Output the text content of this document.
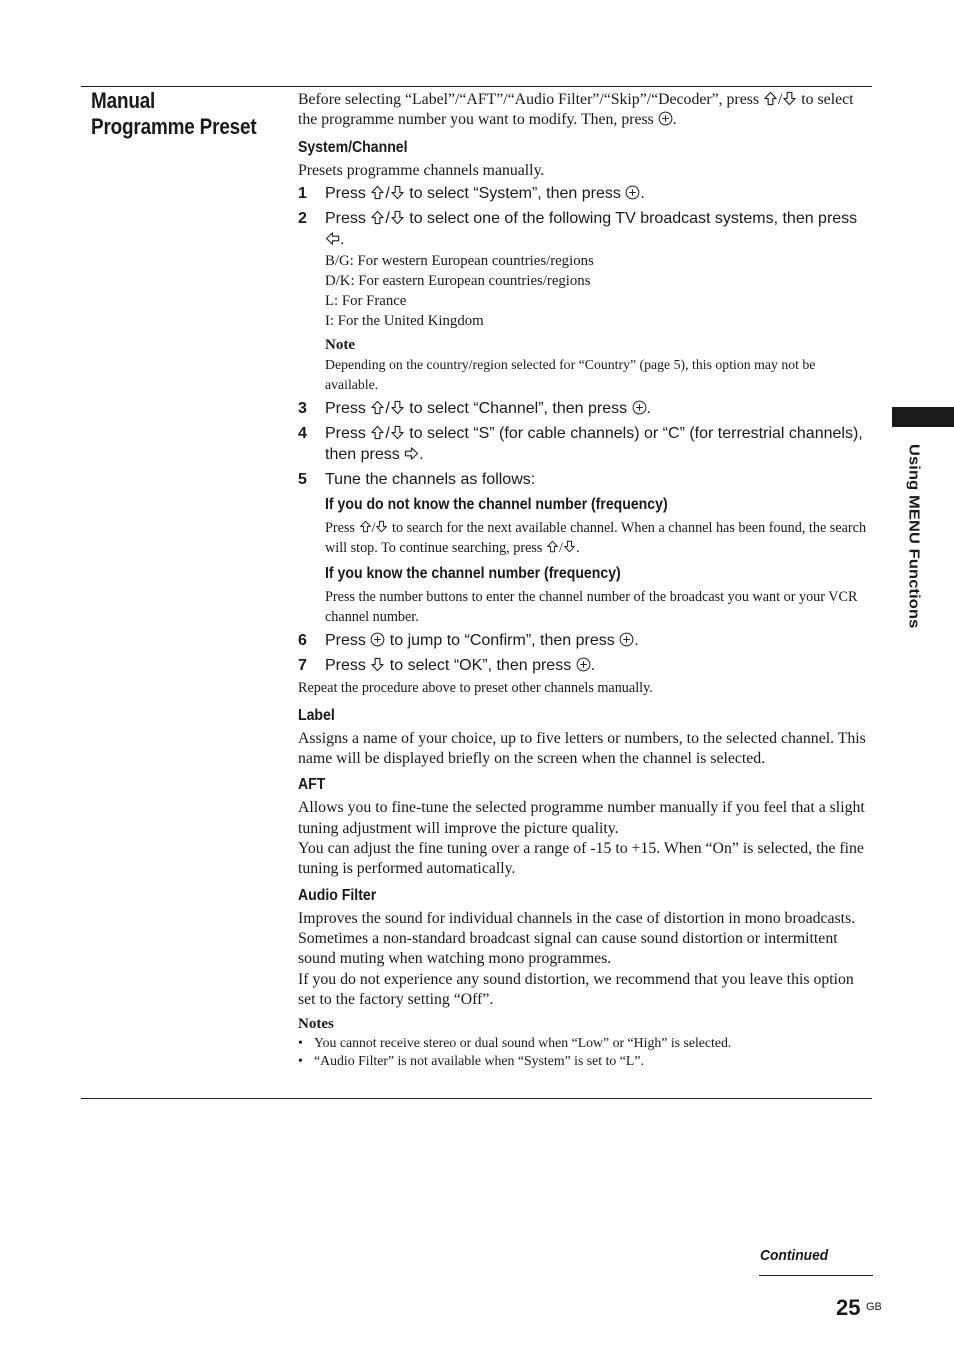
Manual Programme Preset

Before selecting “Label”/“AFT”/“Audio Filter”/“Skip”/“Decoder”, press
/
to select the programme number you want to modify. Then, press
.

System/Channel

Presets programme channels manually.

1	Press
/
to select “System”, then press
.
2	Press
/
to select one of the following TV broadcast systems, then press
.

B/G: For western European countries/regions

D/K: For eastern European countries/regions

L: For France

I: For the United Kingdom

Note

Depending on the country/region selected for “Country” (page 5), this option may not be available.

3	Press
/
to select “Channel”, then press
.
4	Press
/
to select “S” (for cable channels) or “C” (for terrestrial channels), then press
.
5	Tune the channels as follows:
If you do not know the channel number (frequency)

Press
/
to search for the next available channel. When a channel has been found, the search will stop. To continue searching, press
/ .

If you know the channel number (frequency)

Press the number buttons to enter the channel number of the broadcast you want or your VCR channel number.

6	Press
to jump to “Confirm”, then press
.
7	Press
to select “OK”, then press
.

Repeat the procedure above to preset other channels manually.

Label

Assigns a name of your choice, up to five letters or numbers, to the selected channel. This name will be displayed briefly on the screen when the channel is selected.

AFT

Allows you to fine-tune the selected programme number manually if you feel that a slight tuning adjustment will improve the picture quality.

You can adjust the fine tuning over a range of -15 to +15. When “On” is selected, the fine tuning is performed automatically.

Audio Filter

Improves the sound for individual channels in the case of distortion in mono broadcasts. Sometimes a non-standard broadcast signal can cause sound distortion or intermittent sound muting when watching mono programmes.

If you do not experience any sound distortion, we recommend that you leave this option set to the factory setting “Off”.

Notes

• You cannot receive stereo or dual sound when “Low” or “High” is selected.
• “Audio Filter” is not available when “System” is set to “L”.
Using MENU Functions
Continued
25 GB
